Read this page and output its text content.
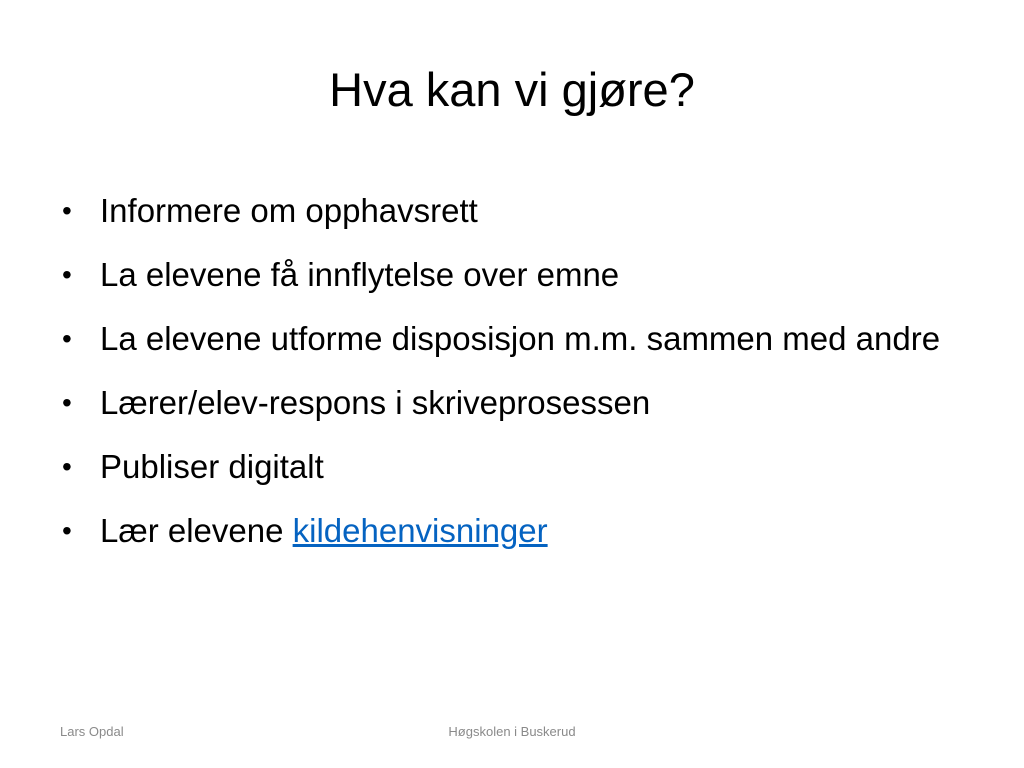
Hva kan vi gjøre?
• Informere om opphavsrett
• La elevene få innflytelse over emne
• La elevene utforme disposisjon m.m. sammen med andre
• Lærer/elev-respons i skriveprosessen
• Publiser digitalt
• Lær elevene kildehenvisninger
Lars Opdal	Høgskolen i Buskerud
